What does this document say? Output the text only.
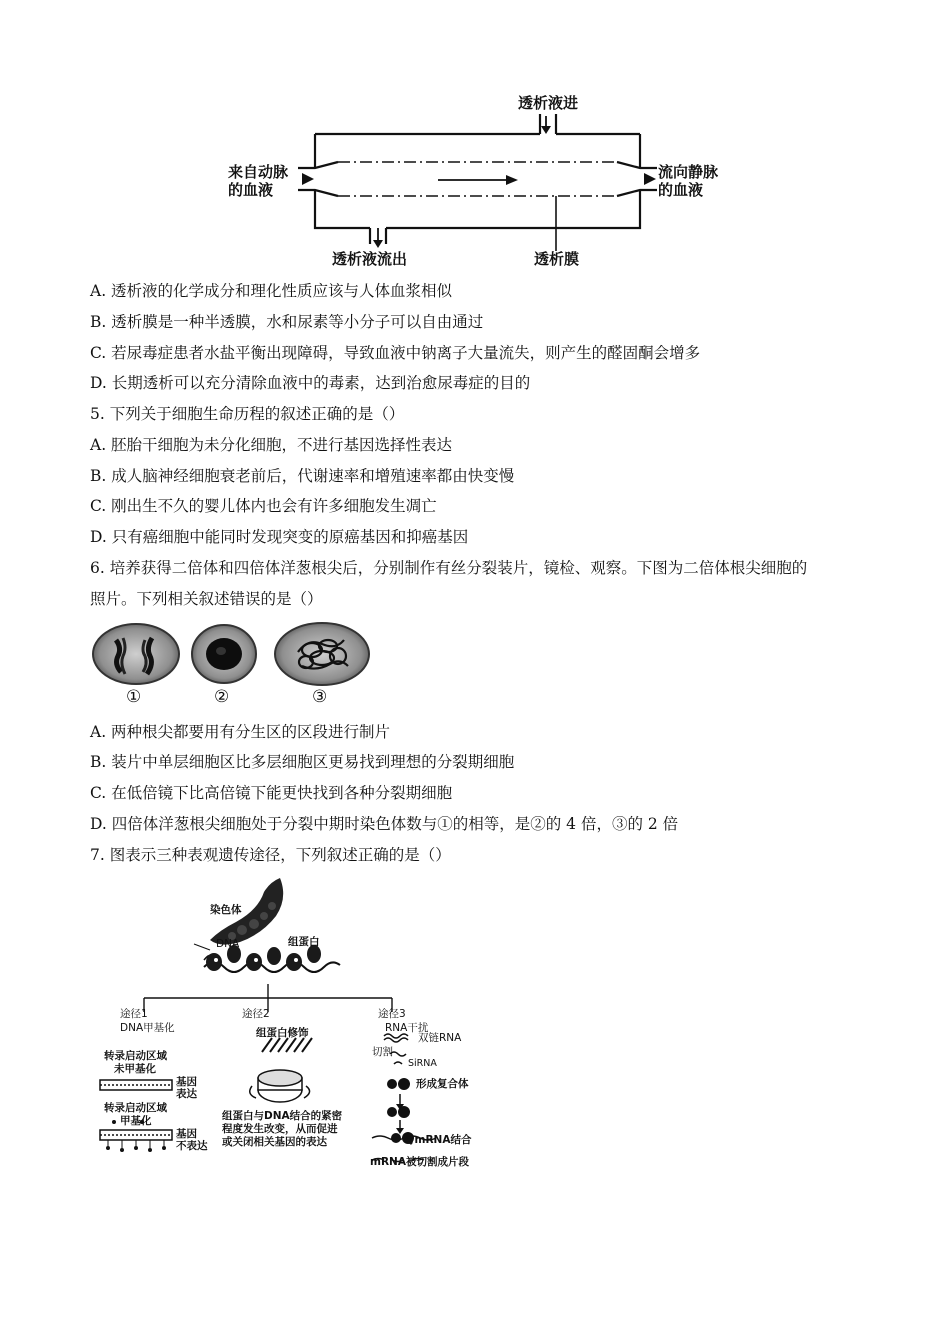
透析液进
来自动脉
的血液
流向静脉
的血液
透析液流出	透析膜
A. 透析液的化学成分和理化性质应该与人体血浆相似
B. 透析膜是一种半透膜，水和尿素等小分子可以自由通过
C. 若尿毒症患者水盐平衡出现障碍，导致血液中钠离子大量流失，则产生的醛固酮会增多
D. 长期透析可以充分清除血液中的毒素，达到治愈尿毒症的目的
5. 下列关于细胞生命历程的叙述正确的是（）
A. 胚胎干细胞为未分化细胞，不进行基因选择性表达
B. 成人脑神经细胞衰老前后，代谢速率和增殖速率都由快变慢
C. 刚出生不久的婴儿体内也会有许多细胞发生凋亡
D. 只有癌细胞中能同时发现突变的原癌基因和抑癌基因
6. 培养获得二倍体和四倍体洋葱根尖后，分别制作有丝分裂装片，镜检、观察。下图为二倍体根尖细胞的
照片。下列相关叙述错误的是（）
①	②	③
A. 两种根尖都要用有分生区的区段进行制片
B. 装片中单层细胞区比多层细胞区更易找到理想的分裂期细胞
C. 在低倍镜下比高倍镜下能更快找到各种分裂期细胞
D. 四倍体洋葱根尖细胞处于分裂中期时染色体数与①的相等，是②的 4 倍，③的 2 倍
7. 图表示三种表观遗传途径，下列叙述正确的是（）
染色体
DNA	组蛋白
途径1
DNA甲基化
途径2
组蛋白修饰
途径3
RNA干扰
转录启动区域
未甲基化
基因
表达
转录启动区域
甲基化
基因
不表达
组蛋白与DNA结合的紧密
程度发生改变，从而促进
或关闭相关基因的表达
双链RNA
切割
SiRNA
形成复合体
与mRNA结合
mRNA被切割成片段
